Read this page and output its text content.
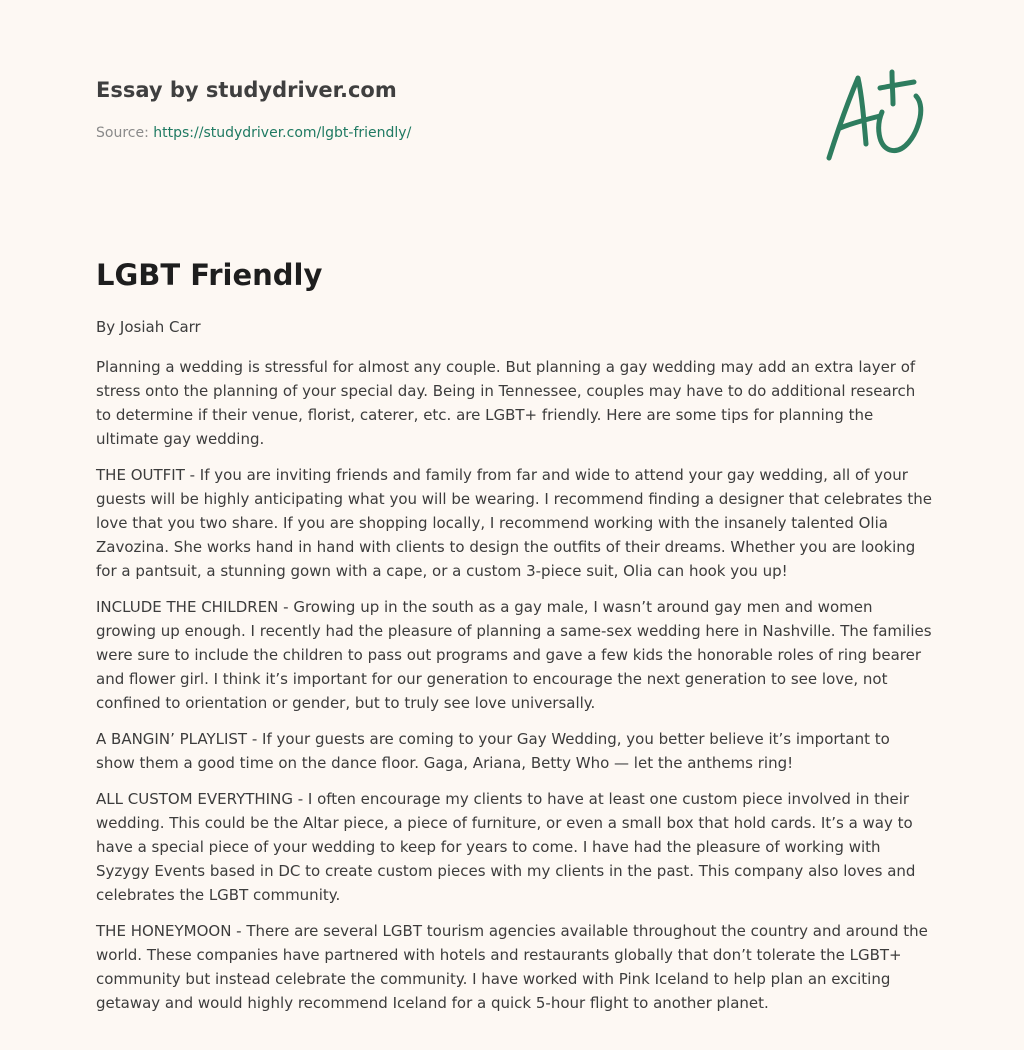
Essay by studydriver.com

Source: https://studydriver.com/lgbt-friendly/

LGBT Friendly

By Josiah Carr

Planning a wedding is stressful for almost any couple. But planning a gay wedding may add an extra layer of stress onto the planning of your special day. Being in Tennessee, couples may have to do additional research to determine if their venue, florist, caterer, etc. are LGBT+ friendly. Here are some tips for planning the ultimate gay wedding.

THE OUTFIT - If you are inviting friends and family from far and wide to attend your gay wedding, all of your guests will be highly anticipating what you will be wearing. I recommend finding a designer that celebrates the love that you two share. If you are shopping locally, I recommend working with the insanely talented Olia Zavozina. She works hand in hand with clients to design the outfits of their dreams. Whether you are looking for a pantsuit, a stunning gown with a cape, or a custom 3-piece suit, Olia can hook you up!

INCLUDE THE CHILDREN - Growing up in the south as a gay male, I wasn’t around gay men and women growing up enough. I recently had the pleasure of planning a same-sex wedding here in Nashville. The families were sure to include the children to pass out programs and gave a few kids the honorable roles of ring bearer and flower girl. I think it’s important for our generation to encourage the next generation to see love, not confined to orientation or gender, but to truly see love universally.

A BANGIN’ PLAYLIST - If your guests are coming to your Gay Wedding, you better believe it’s important to show them a good time on the dance floor. Gaga, Ariana, Betty Who — let the anthems ring!

ALL CUSTOM EVERYTHING - I often encourage my clients to have at least one custom piece involved in their wedding. This could be the Altar piece, a piece of furniture, or even a small box that hold cards. It’s a way to have a special piece of your wedding to keep for years to come. I have had the pleasure of working with Syzygy Events based in DC to create custom pieces with my clients in the past. This company also loves and celebrates the LGBT community.

THE HONEYMOON - There are several LGBT tourism agencies available throughout the country and around the world. These companies have partnered with hotels and restaurants globally that don’t tolerate the LGBT+ community but instead celebrate the community. I have worked with Pink Iceland to help plan an exciting getaway and would highly recommend Iceland for a quick 5-hour flight to another planet.
